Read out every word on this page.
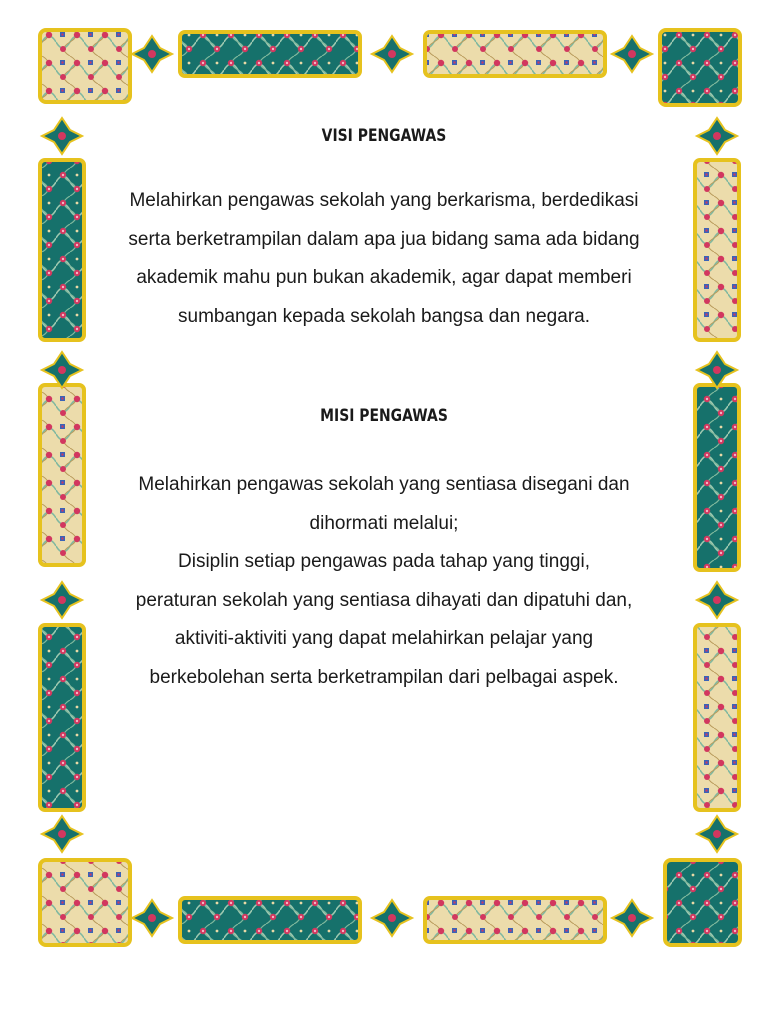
VISI PENGAWAS

Melahirkan pengawas sekolah yang berkarisma, berdedikasi
serta berketrampilan dalam apa jua bidang sama ada bidang
akademik mahu pun bukan akademik, agar dapat memberi
sumbangan kepada sekolah bangsa dan negara.

MISI PENGAWAS

Melahirkan pengawas sekolah yang sentiasa disegani dan
dihormati melalui;
Disiplin setiap pengawas pada tahap yang tinggi,
peraturan sekolah yang sentiasa dihayati dan dipatuhi dan,
aktiviti-aktiviti yang dapat melahirkan pelajar yang
berkebolehan serta berketrampilan dari pelbagai aspek.
